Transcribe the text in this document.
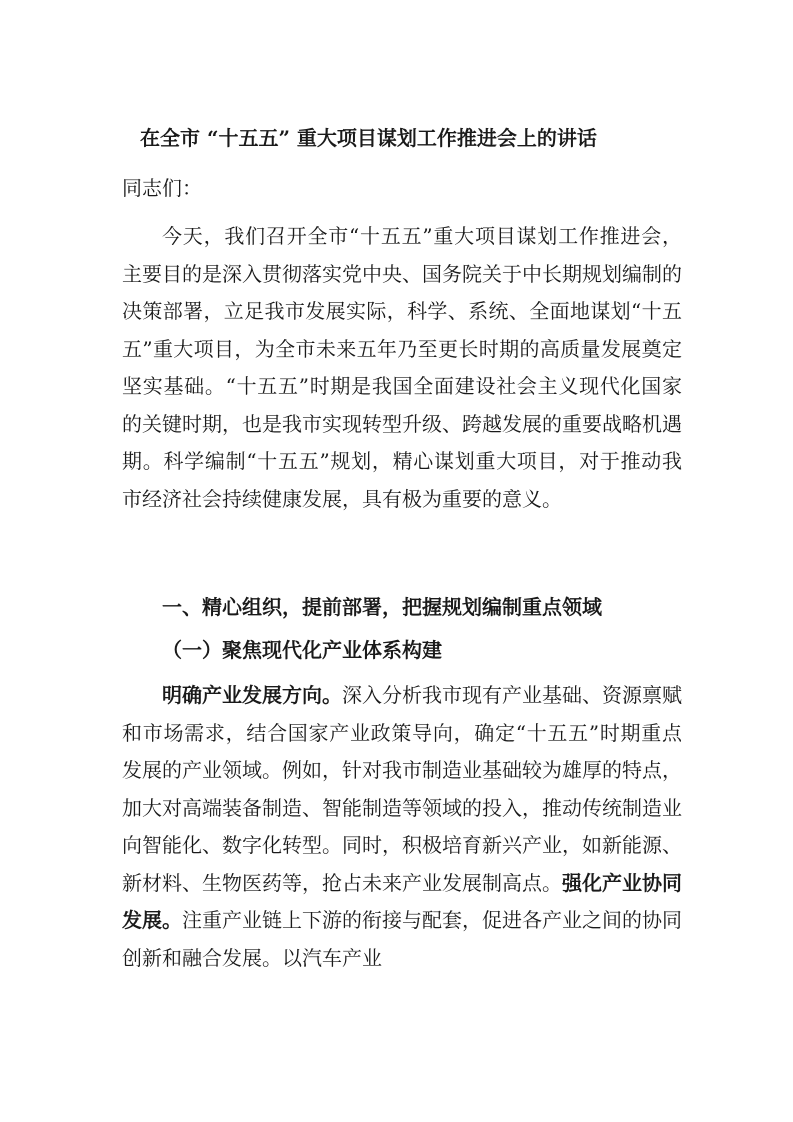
在全市 “十五五” 重大项目谋划工作推进会上的讲话
同志们：

今天，我们召开全市“十五五”重大项目谋划工作推进会，主要目的是深入贯彻落实党中央、国务院关于中长期规划编制的决策部署，立足我市发展实际，科学、系统、全面地谋划“十五五”重大项目，为全市未来五年乃至更长时期的高质量发展奠定坚实基础。“十五五”时期是我国全面建设社会主义现代化国家的关键时期，也是我市实现转型升级、跨越发展的重要战略机遇期。科学编制“十五五”规划，精心谋划重大项目，对于推动我市经济社会持续健康发展，具有极为重要的意义。

一、精心组织，提前部署，把握规划编制重点领域
（一）聚焦现代化产业体系构建

明确产业发展方向。深入分析我市现有产业基础、资源禀赋和市场需求，结合国家产业政策导向，确定“十五五”时期重点发展的产业领域。例如，针对我市制造业基础较为雄厚的特点，加大对高端装备制造、智能制造等领域的投入，推动传统制造业向智能化、数字化转型。同时，积极培育新兴产业，如新能源、新材料、生物医药等，抢占未来产业发展制高点。强化产业协同发展。注重产业链上下游的衔接与配套，促进各产业之间的协同创新和融合发展。以汽车产业
